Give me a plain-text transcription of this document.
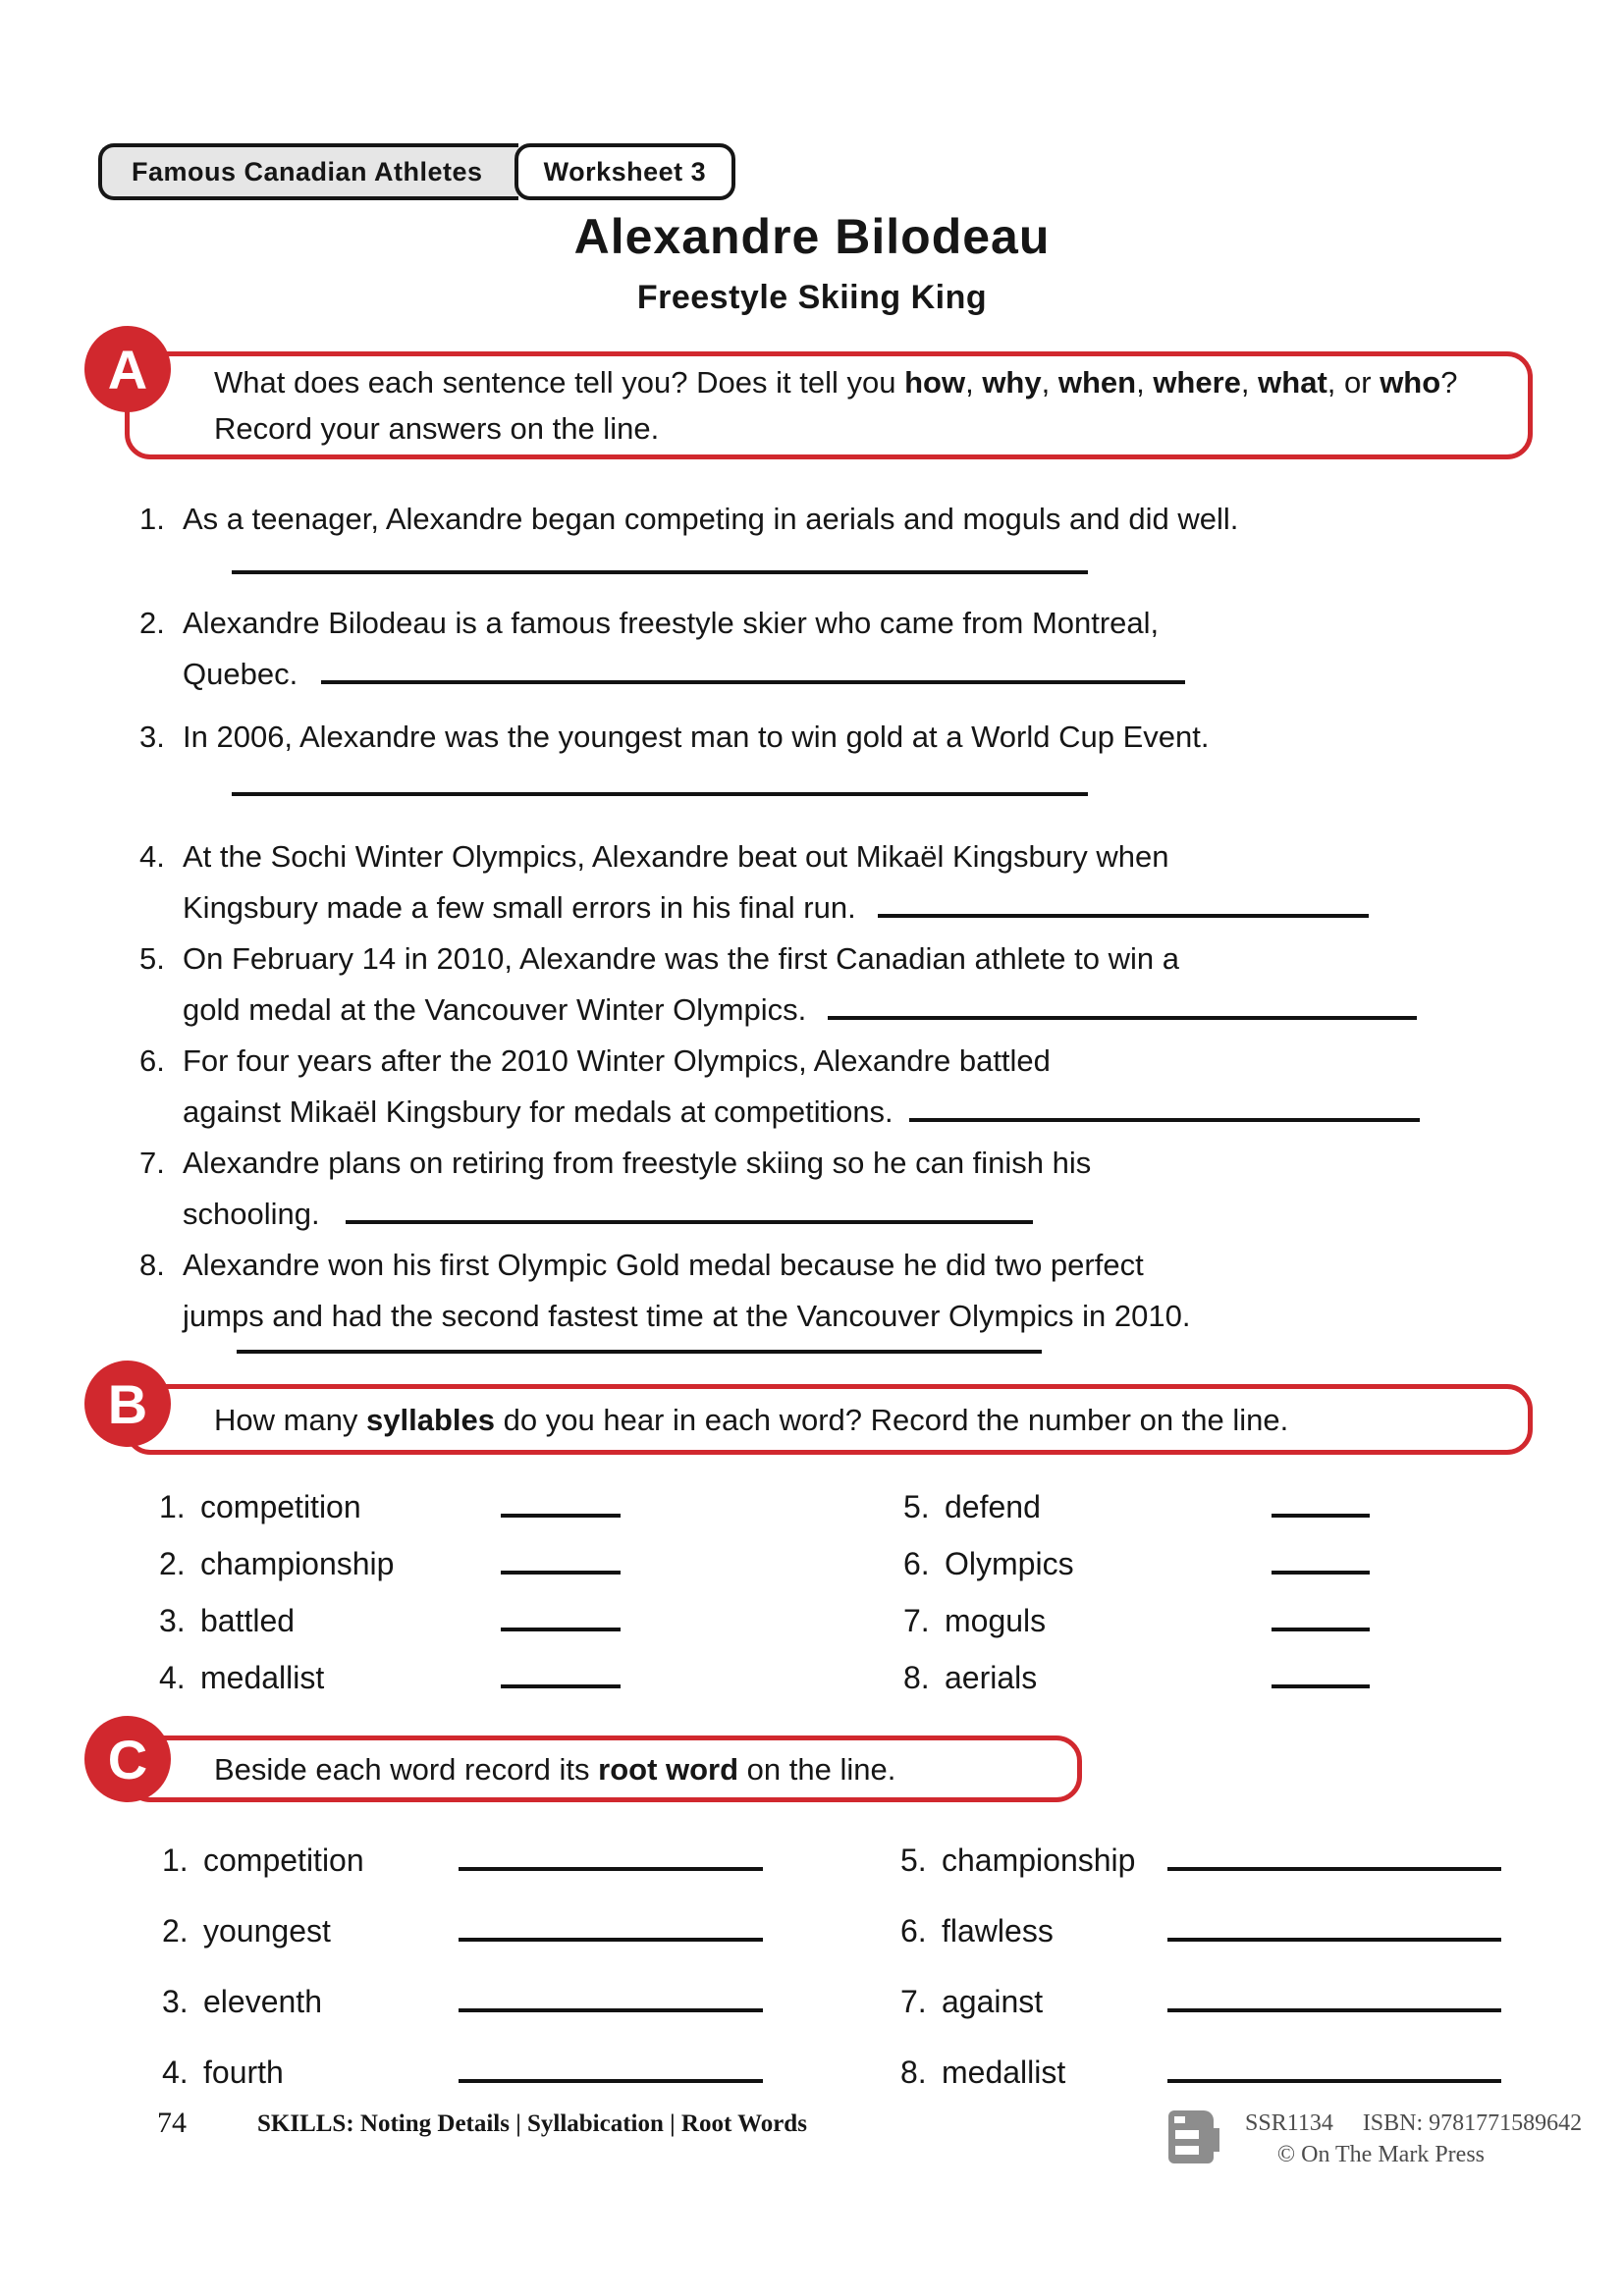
Famous Canadian Athletes	Worksheet 3
Alexandre Bilodeau
Freestyle Skiing King
A	What does each sentence tell you? Does it tell you how, why, when, where, what, or who? Record your answers on the line.
1. As a teenager, Alexandre began competing in aerials and moguls and did well.
2. Alexandre Bilodeau is a famous freestyle skier who came from Montreal,
Quebec.
3. In 2006, Alexandre was the youngest man to win gold at a World Cup Event.
4. At the Sochi Winter Olympics, Alexandre beat out Mikaël Kingsbury when
Kingsbury made a few small errors in his final run.
5. On February 14 in 2010, Alexandre was the first Canadian athlete to win a
gold medal at the Vancouver Winter Olympics.
6. For four years after the 2010 Winter Olympics, Alexandre battled
against Mikaël Kingsbury for medals at competitions.
7. Alexandre plans on retiring from freestyle skiing so he can finish his
schooling.
8. Alexandre won his first Olympic Gold medal because he did two perfect
jumps and had the second fastest time at the Vancouver Olympics in 2010.
B	How many syllables do you hear in each word? Record the number on the line.
1. competition
2. championship
3. battled
4. medallist
5. defend
6. Olympics
7. moguls
8. aerials
C	Beside each word record its root word on the line.
1. competition
2. youngest
3. eleventh
4. fourth
5. championship
6. flawless
7. against
8. medallist
74	SKILLS: Noting Details | Syllabication | Root Words	SSR1134 ISBN: 9781771589642
© On The Mark Press
